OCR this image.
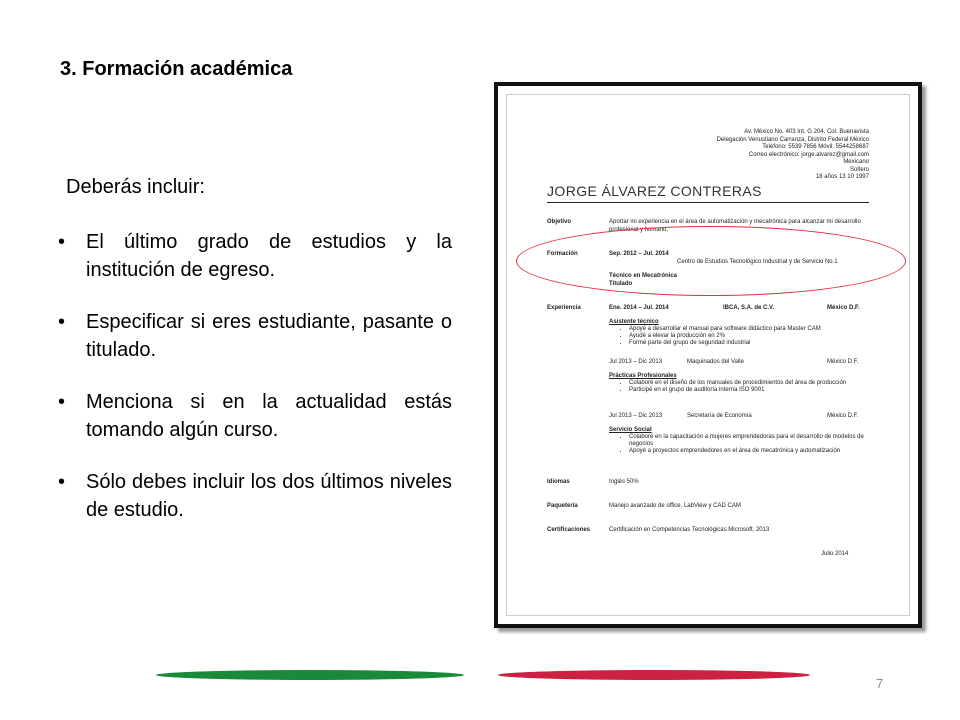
3. Formación académica
Deberás incluir:
• El último grado de estudios y la institución de egreso.
• Especificar si eres estudiante, pasante o titulado.
• Menciona si en la actualidad estás tomando algún curso.
• Sólo debes incluir los dos últimos niveles de estudio.
Av. México No. 403 Int. G 204, Col. Buenavista
Delegación Venustiano Carranza, Distrito Federal México
Teléfono: 5539 7856 Móvil: 5544258687
Correo electrónico: jorge.alvarez@gmail.com
Mexicano
Soltero
18 años 13 10 1997
JORGE ÁLVAREZ CONTRERAS
Objetivo	Aportar mi experiencia en el área de automatización y mecatrónica para alcanzar mi desarrollo profesional y humano.
Formación	Sep. 2012 – Jul. 2014
Centro de Estudios Tecnológico Industrial y de Servicio No.1
Técnico en Mecatrónica
Titulado
Experiencia	Ene. 2014 – Jul. 2014	IBCA, S.A. de C.V.	México D.F.
Asistente técnico
• Apoyé a desarrollar el manual para software didáctico para Master CAM
• Ayudé a elevar la producción en 2%
• Formé parte del grupo de seguridad industrial
Jul 2013 – Dic 2013	Maquinados del Valle	México D.F.
Prácticas Profesionales
• Colaboré en el diseño de los manuales de procedimientos del área de producción
• Participé en el grupo de auditoría interna ISO 9001
Jul 2013 – Dic 2013	Secretaría de Economía	México D.F.
Servicio Social
• Colaboré en la capacitación a mujeres emprendedoras para el desarrollo de modelos de negocios
• Apoyé a proyectos emprendedores en el área de mecatrónica y automatización
Idiomas	Inglés 50%
Paquetería	Manejo avanzado de office, LabView y CAD CAM
Certificaciones	Certificación en Competencias Tecnológicas Microsoft, 2013
Julio 2014
7
